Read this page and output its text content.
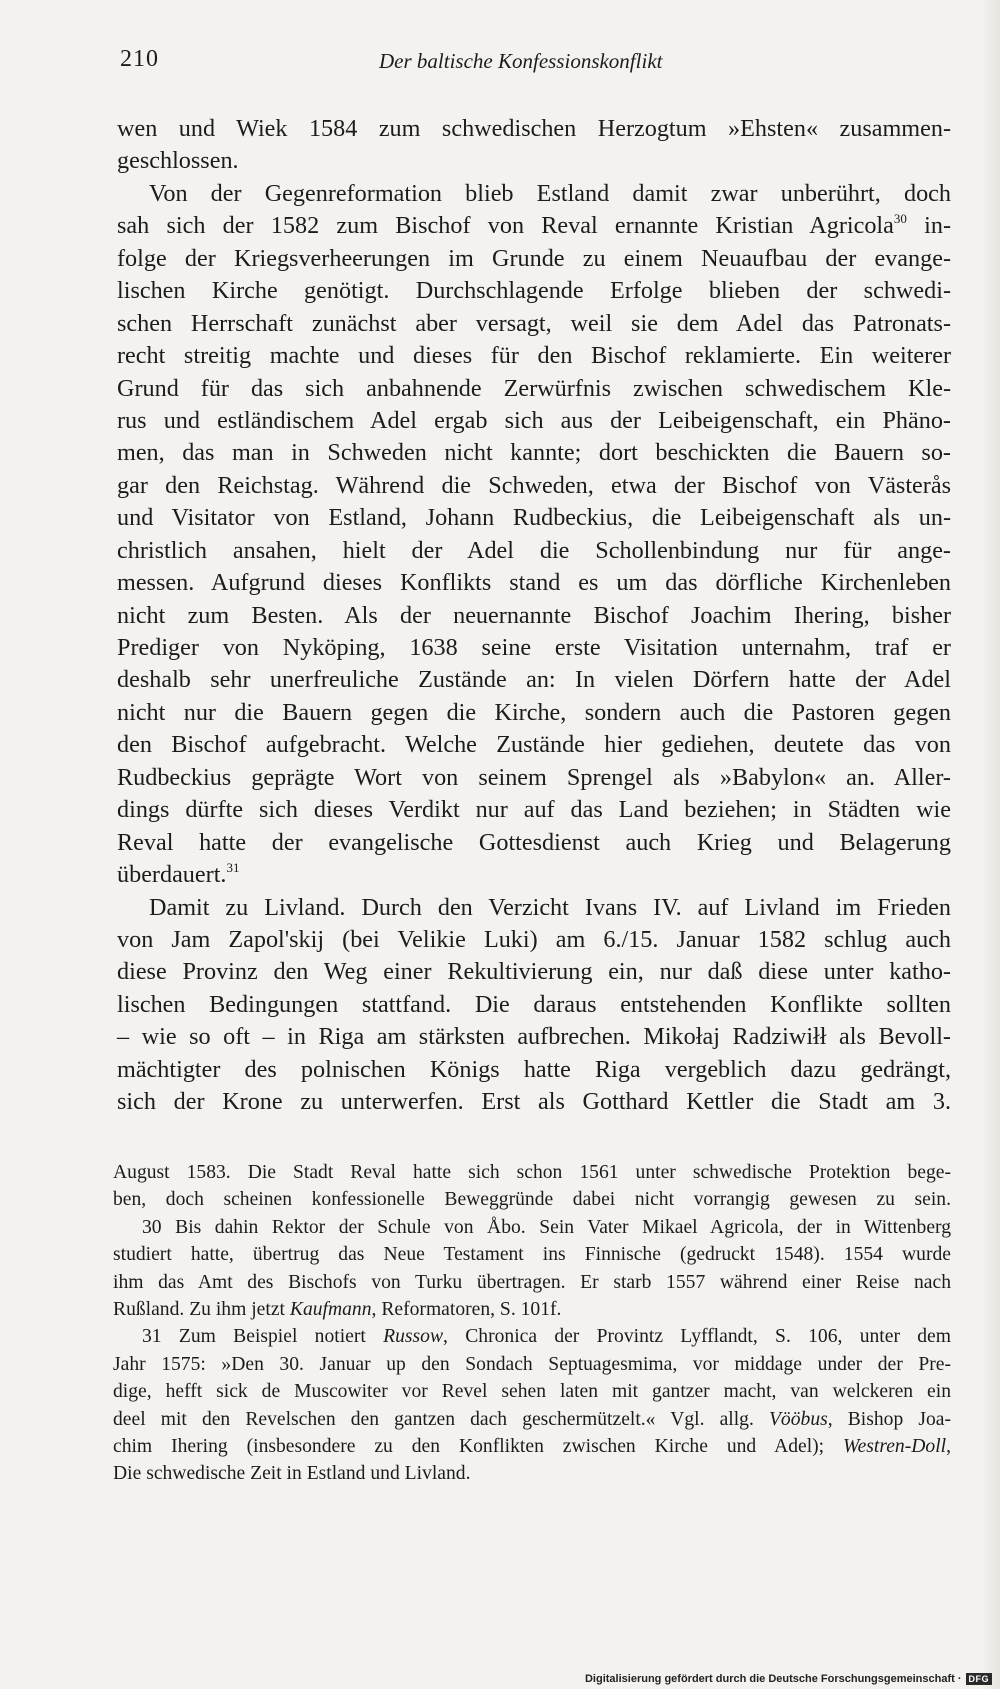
210	Der baltische Konfessionskonflikt
wen und Wiek 1584 zum schwedischen Herzogtum »Ehsten« zusammen-
geschlossen.
Von der Gegenreformation blieb Estland damit zwar unberührt, doch
sah sich der 1582 zum Bischof von Reval ernannte Kristian Agricola$^{30}$ in-
folge der Kriegsverheerungen im Grunde zu einem Neuaufbau der evange-
lischen Kirche genötigt. Durchschlagende Erfolge blieben der schwedi-
schen Herrschaft zunächst aber versagt, weil sie dem Adel das Patronats-
recht streitig machte und dieses für den Bischof reklamierte. Ein weiterer
Grund für das sich anbahnende Zerwürfnis zwischen schwedischem Kle-
rus und estländischem Adel ergab sich aus der Leibeigenschaft, ein Phäno-
men, das man in Schweden nicht kannte; dort beschickten die Bauern so-
gar den Reichstag. Während die Schweden, etwa der Bischof von Västerås
und Visitator von Estland, Johann Rudbeckius, die Leibeigenschaft als un-
christlich ansahen, hielt der Adel die Schollenbindung nur für ange-
messen. Aufgrund dieses Konflikts stand es um das dörfliche Kirchenleben
nicht zum Besten. Als der neuernannte Bischof Joachim Ihering, bisher
Prediger von Nyköping, 1638 seine erste Visitation unternahm, traf er
deshalb sehr unerfreuliche Zustände an: In vielen Dörfern hatte der Adel
nicht nur die Bauern gegen die Kirche, sondern auch die Pastoren gegen
den Bischof aufgebracht. Welche Zustände hier gediehen, deutete das von
Rudbeckius geprägte Wort von seinem Sprengel als »Babylon« an. Aller-
dings dürfte sich dieses Verdikt nur auf das Land beziehen; in Städten wie
Reval hatte der evangelische Gottesdienst auch Krieg und Belagerung
überdauert.$^{31}$
Damit zu Livland. Durch den Verzicht Ivans IV. auf Livland im Frieden
von Jam Zapol'skij (bei Velikie Luki) am 6./15. Januar 1582 schlug auch
diese Provinz den Weg einer Rekultivierung ein, nur daß diese unter katho-
lischen Bedingungen stattfand. Die daraus entstehenden Konflikte sollten
– wie so oft – in Riga am stärksten aufbrechen. Mikołaj Radziwiłł als Bevoll-
mächtigter des polnischen Königs hatte Riga vergeblich dazu gedrängt,
sich der Krone zu unterwerfen. Erst als Gotthard Kettler die Stadt am 3.
August 1583. Die Stadt Reval hatte sich schon 1561 unter schwedische Protektion bege-
ben, doch scheinen konfessionelle Beweggründe dabei nicht vorrangig gewesen zu sein.
30 Bis dahin Rektor der Schule von Åbo. Sein Vater Mikael Agricola, der in Wittenberg
studiert hatte, übertrug das Neue Testament ins Finnische (gedruckt 1548). 1554 wurde
ihm das Amt des Bischofs von Turku übertragen. Er starb 1557 während einer Reise nach
Rußland. Zu ihm jetzt Kaufmann, Reformatoren, S. 101f.
31 Zum Beispiel notiert Russow, Chronica der Provintz Lyfflandt, S. 106, unter dem
Jahr 1575: »Den 30. Januar up den Sondach Septuagesmima, vor middage under der Pre-
dige, hefft sick de Muscowiter vor Revel sehen laten mit gantzer macht, van welckeren ein
deel mit den Revelschen den gantzen dach geschermützelt.« Vgl. allg. Vööbus, Bishop Joa-
chim Ihering (insbesondere zu den Konflikten zwischen Kirche und Adel); Westren-Doll,
Die schwedische Zeit in Estland und Livland.
Digitalisierung gefördert durch die Deutsche Forschungsgemeinschaft · DFG
